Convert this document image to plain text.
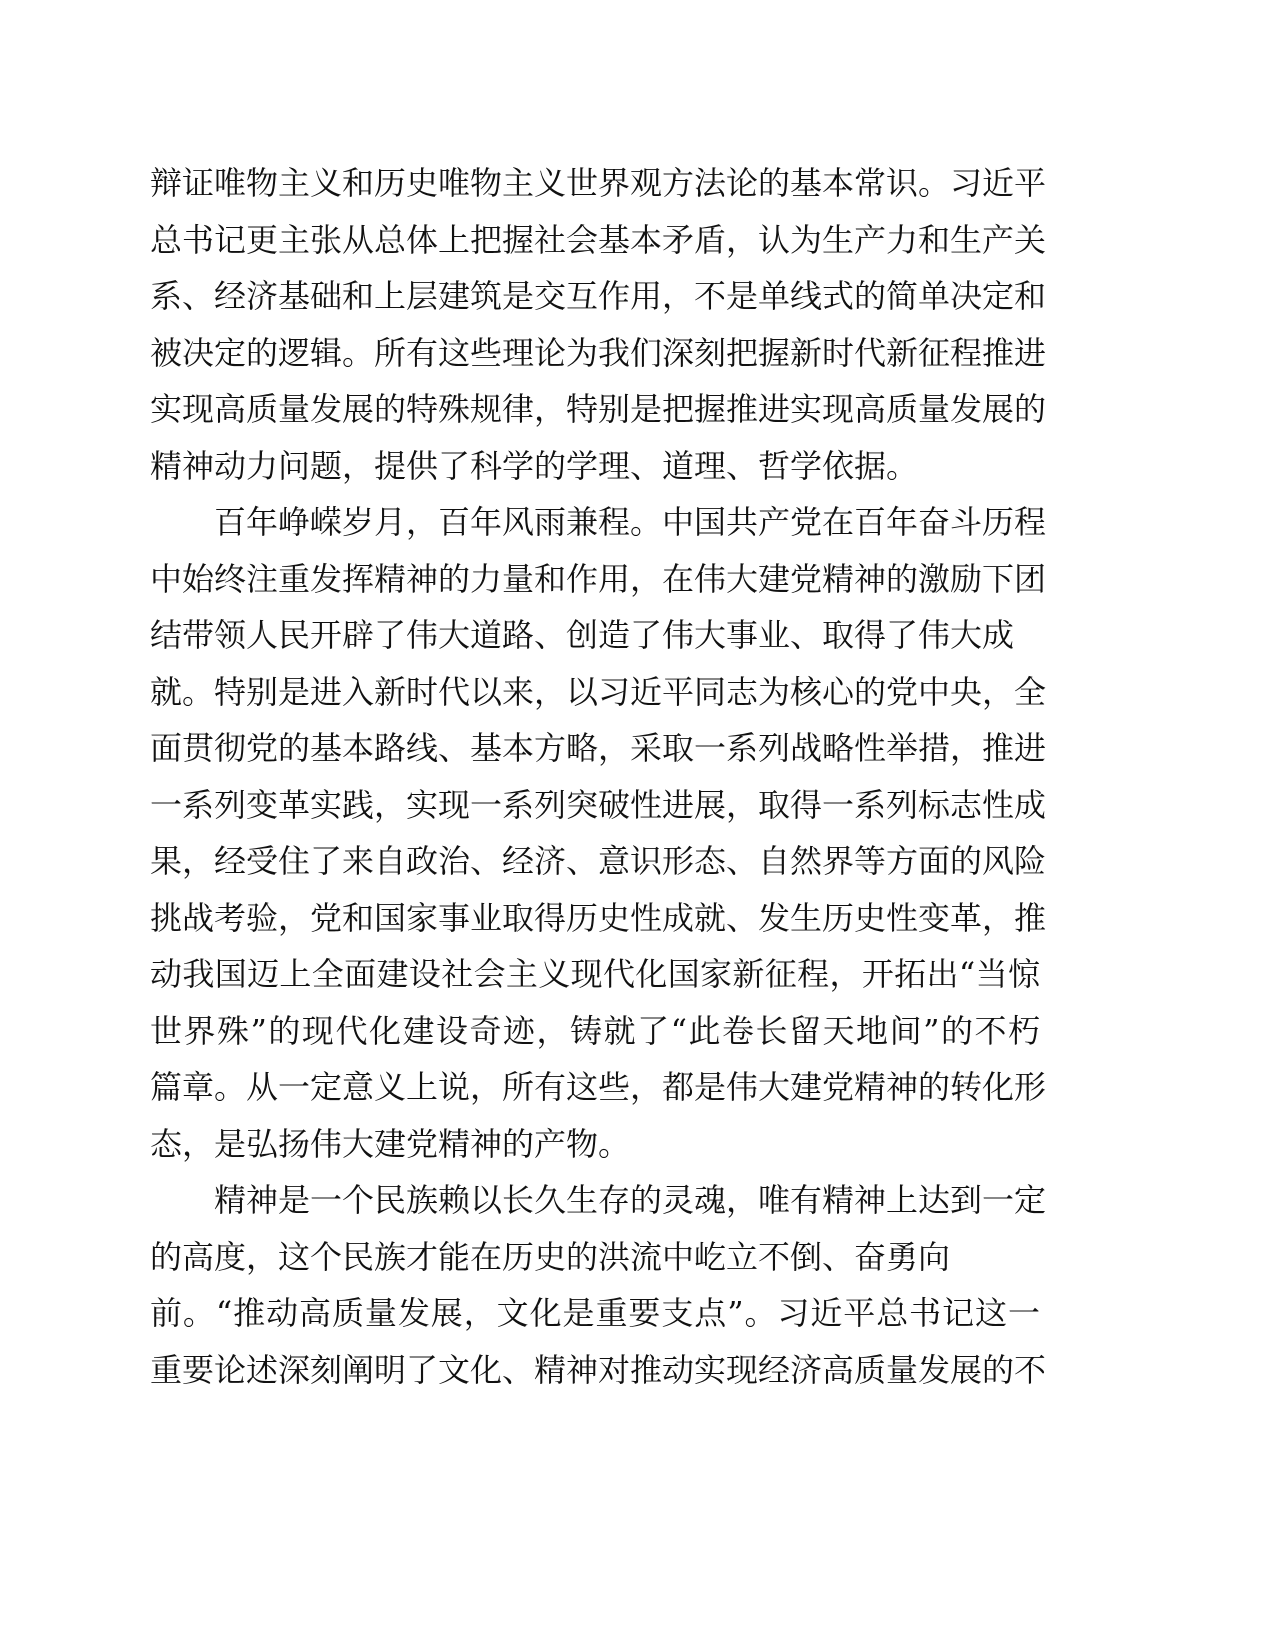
辩证唯物主义和历史唯物主义世界观方法论的基本常识。习近平
总书记更主张从总体上把握社会基本矛盾，认为生产力和生产关
系、经济基础和上层建筑是交互作用，不是单线式的简单决定和
被决定的逻辑。所有这些理论为我们深刻把握新时代新征程推进
实现高质量发展的特殊规律，特别是把握推进实现高质量发展的
精神动力问题，提供了科学的学理、道理、哲学依据。
百年峥嵘岁月，百年风雨兼程。中国共产党在百年奋斗历程
中始终注重发挥精神的力量和作用，在伟大建党精神的激励下团
结带领人民开辟了伟大道路、创造了伟大事业、取得了伟大成
就。特别是进入新时代以来，以习近平同志为核心的党中央，全
面贯彻党的基本路线、基本方略，采取一系列战略性举措，推进
一系列变革实践，实现一系列突破性进展，取得一系列标志性成
果，经受住了来自政治、经济、意识形态、自然界等方面的风险
挑战考验，党和国家事业取得历史性成就、发生历史性变革，推
动我国迈上全面建设社会主义现代化国家新征程，开拓出“当惊
世界殊”的现代化建设奇迹，铸就了“此卷长留天地间”的不朽
篇章。从一定意义上说，所有这些，都是伟大建党精神的转化形
态，是弘扬伟大建党精神的产物。
精神是一个民族赖以长久生存的灵魂，唯有精神上达到一定
的高度，这个民族才能在历史的洪流中屹立不倒、奋勇向
前。“推动高质量发展，文化是重要支点”。习近平总书记这一
重要论述深刻阐明了文化、精神对推动实现经济高质量发展的不
